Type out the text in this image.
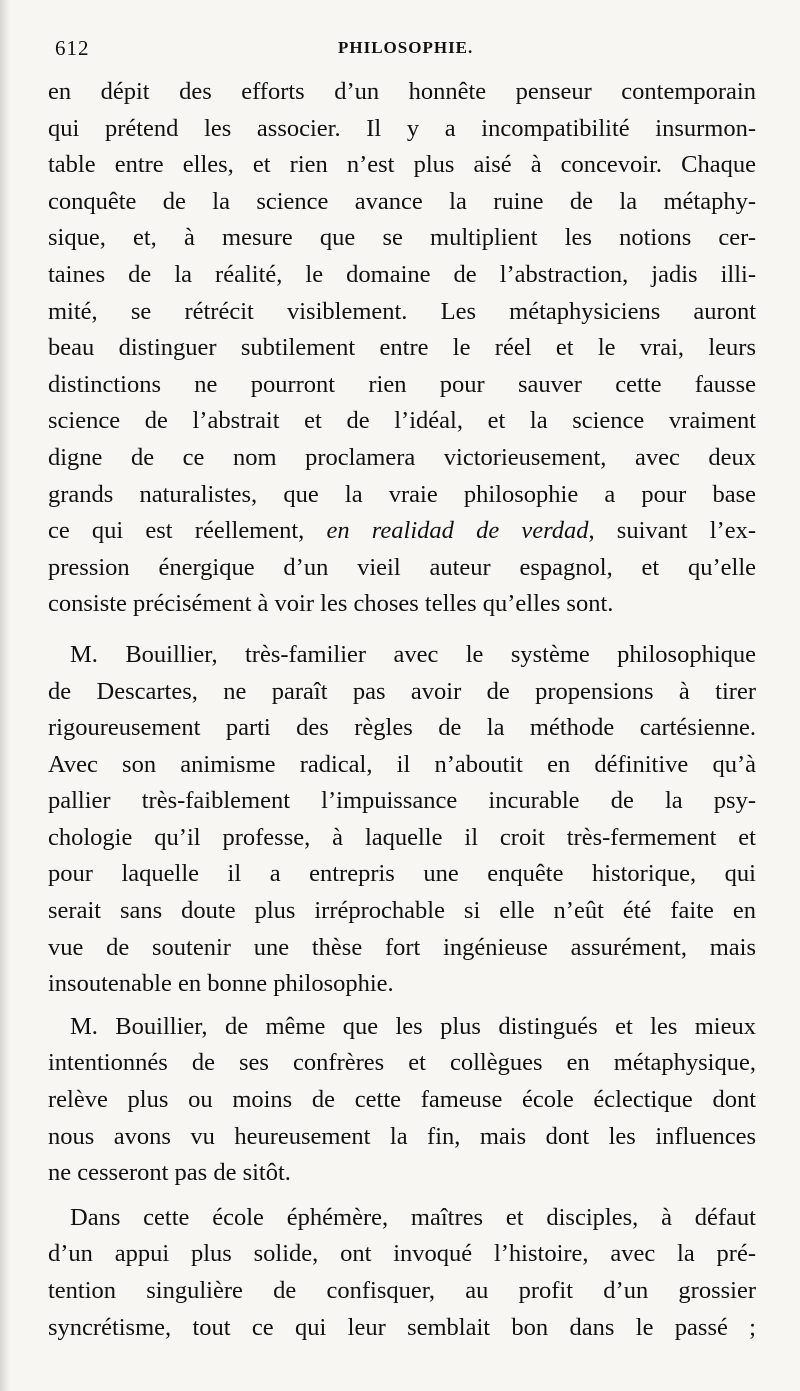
612	PHILOSOPHIE.
en dépit des efforts d’un honnête penseur contemporain
qui prétend les associer. Il y a incompatibilité insurmon-
table entre elles, et rien n’est plus aisé à concevoir. Chaque
conquête de la science avance la ruine de la métaphy-
sique, et, à mesure que se multiplient les notions cer-
taines de la réalité, le domaine de l’abstraction, jadis illi-
mité, se rétrécit visiblement. Les métaphysiciens auront
beau distinguer subtilement entre le réel et le vrai, leurs
distinctions ne pourront rien pour sauver cette fausse
science de l’abstrait et de l’idéal, et la science vraiment
digne de ce nom proclamera victorieusement, avec deux
grands naturalistes, que la vraie philosophie a pour base
ce qui est réellement, en realidad de verdad, suivant l’ex-
pression énergique d’un vieil auteur espagnol, et qu’elle
consiste précisément à voir les choses telles qu’elles sont.
M. Bouillier, très-familier avec le système philosophique
de Descartes, ne paraît pas avoir de propensions à tirer
rigoureusement parti des règles de la méthode cartésienne.
Avec son animisme radical, il n’aboutit en définitive qu’à
pallier très-faiblement l’impuissance incurable de la psy-
chologie qu’il professe, à laquelle il croit très-fermement et
pour laquelle il a entrepris une enquête historique, qui
serait sans doute plus irréprochable si elle n’eût été faite en
vue de soutenir une thèse fort ingénieuse assurément, mais
insoutenable en bonne philosophie.
M. Bouillier, de même que les plus distingués et les mieux
intentionnés de ses confrères et collègues en métaphysique,
relève plus ou moins de cette fameuse école éclectique dont
nous avons vu heureusement la fin, mais dont les influences
ne cesseront pas de sitôt.
Dans cette école éphémère, maîtres et disciples, à défaut
d’un appui plus solide, ont invoqué l’histoire, avec la pré-
tention singulière de confisquer, au profit d’un grossier
syncrétisme, tout ce qui leur semblait bon dans le passé ;
